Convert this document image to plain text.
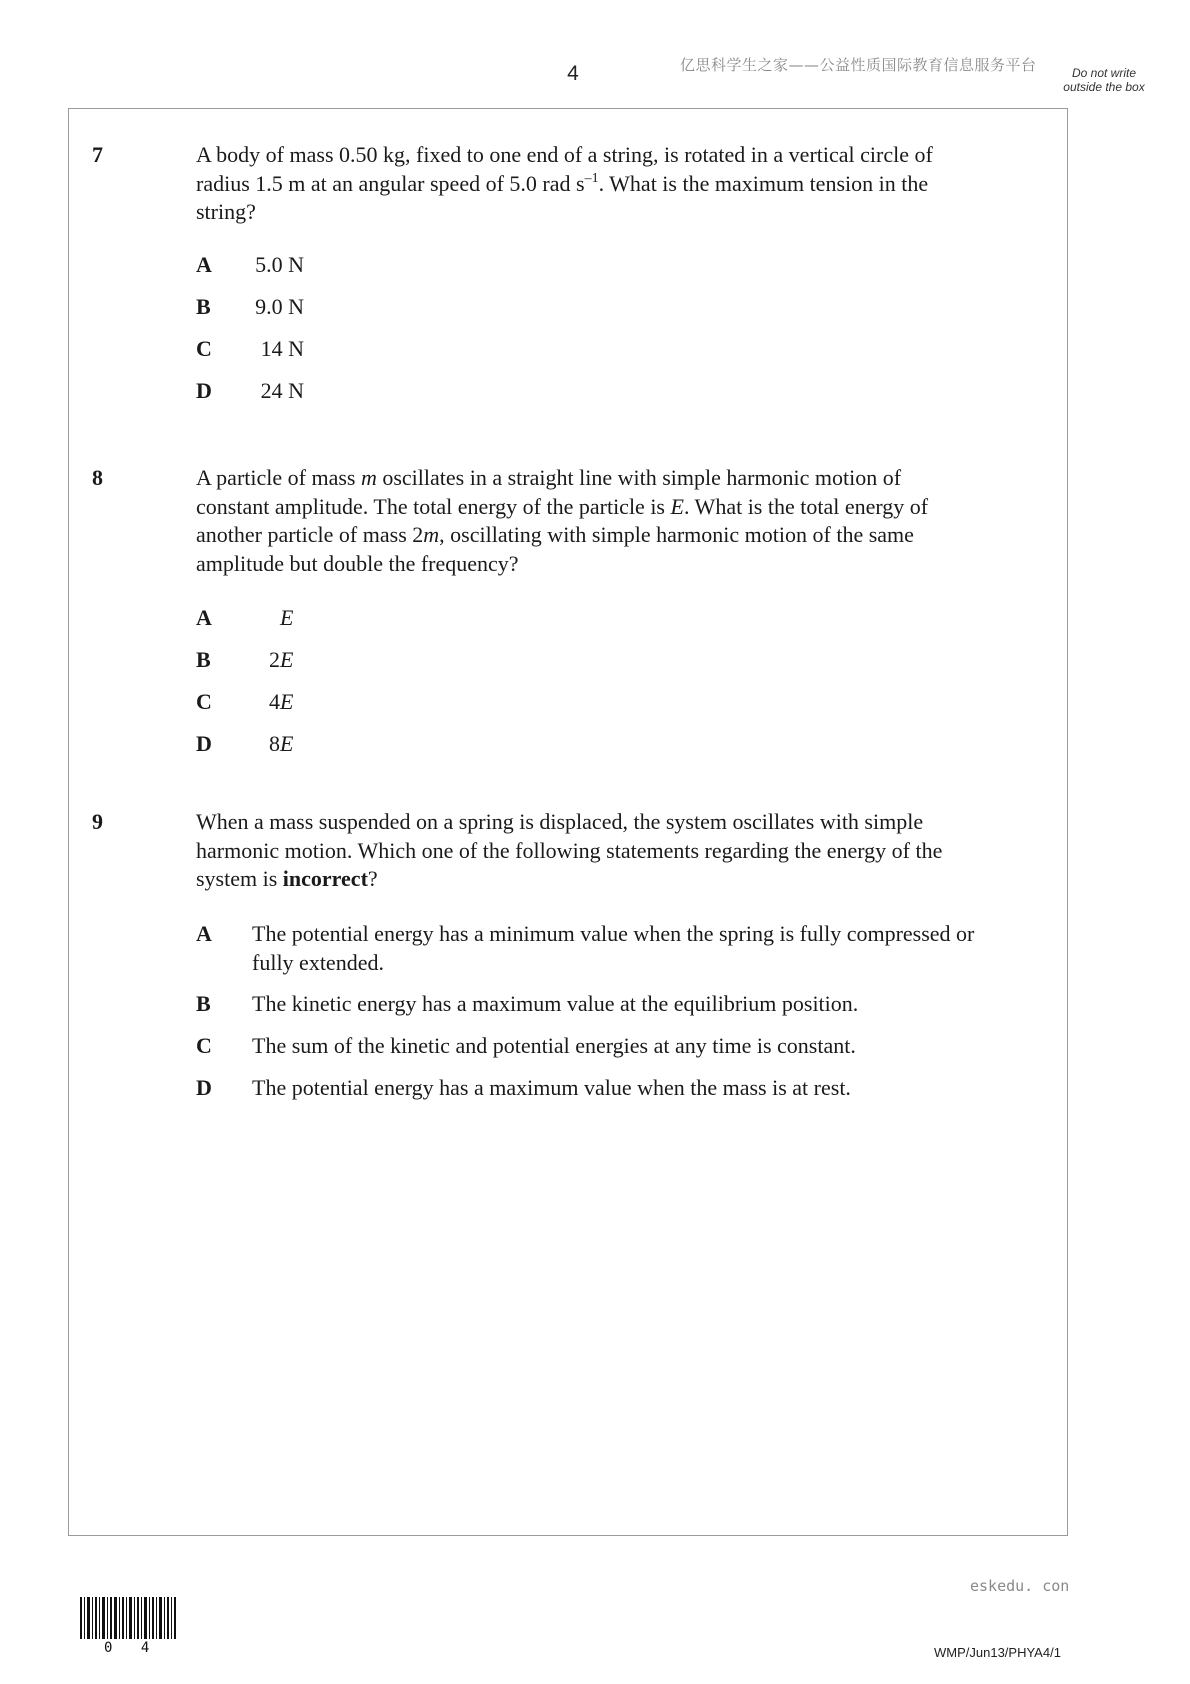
4	亿思科学生之家——公益性质国际教育信息服务平台	Do not write outside the box
7	A body of mass 0.50 kg, fixed to one end of a string, is rotated in a vertical circle of
radius 1.5 m at an angular speed of 5.0 rad $s^{-1}$. What is the maximum tension in the
string?
A 5.0 N
B 9.0 N
C	14 N
D	24 N
8	A particle of mass m oscillates in a straight line with simple harmonic motion of
constant amplitude. The total energy of the particle is E. What is the total energy of
another particle of mass 2m, oscillating with simple harmonic motion of the same
amplitude but double the frequency?
A	E
B	2E
C	4E
D	8E
9	When a mass suspended on a spring is displaced, the system oscillates with simple
harmonic motion. Which one of the following statements regarding the energy of the
system is incorrect?
A The potential energy has a minimum value when the spring is fully compressed or
fully extended.
B The kinetic energy has a maximum value at the equilibrium position.
C The sum of the kinetic and potential energies at any time is constant.
D The potential energy has a maximum value when the mass is at rest.
eskedu. con
0 4	WMP/Jun13/PHYA4/1
